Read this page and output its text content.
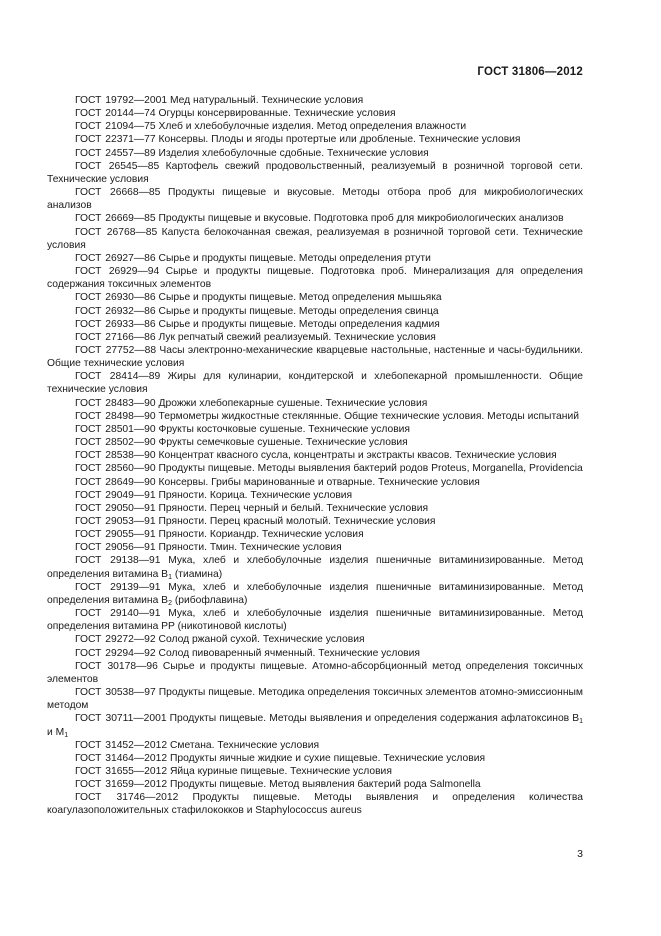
ГОСТ 31806—2012

ГОСТ 19792—2001 Мед натуральный. Технические условия

ГОСТ 20144—74 Огурцы консервированные. Технические условия

ГОСТ 21094—75 Хлеб и хлебобулочные изделия. Метод определения влажности

ГОСТ 22371—77 Консервы. Плоды и ягоды протертые или дробленые. Технические условия

ГОСТ 24557—89 Изделия хлебобулочные сдобные. Технические условия

ГОСТ 26545—85 Картофель свежий продовольственный, реализуемый в розничной торговой сети. Технические условия

ГОСТ 26668—85 Продукты пищевые и вкусовые. Методы отбора проб для микробиологических анализов

ГОСТ 26669—85 Продукты пищевые и вкусовые. Подготовка проб для микробиологических анализов

ГОСТ 26768—85 Капуста белокочанная свежая, реализуемая в розничной торговой сети. Технические условия

ГОСТ 26927—86 Сырье и продукты пищевые. Методы определения ртути

ГОСТ 26929—94 Сырье и продукты пищевые. Подготовка проб. Минерализация для определения содержания токсичных элементов

ГОСТ 26930—86 Сырье и продукты пищевые. Метод определения мышьяка

ГОСТ 26932—86 Сырье и продукты пищевые. Методы определения свинца

ГОСТ 26933—86 Сырье и продукты пищевые. Методы определения кадмия

ГОСТ 27166—86 Лук репчатый свежий реализуемый. Технические условия

ГОСТ 27752—88 Часы электронно-механические кварцевые настольные, настенные и часы-будильники. Общие технические условия

ГОСТ 28414—89 Жиры для кулинарии, кондитерской и хлебопекарной промышленности. Общие технические условия

ГОСТ 28483—90 Дрожжи хлебопекарные сушеные. Технические условия

ГОСТ 28498—90 Термометры жидкостные стеклянные. Общие технические условия. Методы испытаний

ГОСТ 28501—90 Фрукты косточковые сушеные. Технические условия

ГОСТ 28502—90 Фрукты семечковые сушеные. Технические условия

ГОСТ 28538—90 Концентрат квасного сусла, концентраты и экстракты квасов. Технические условия

ГОСТ 28560—90 Продукты пищевые. Методы выявления бактерий родов Proteus, Morganella, Providencia

ГОСТ 28649—90 Консервы. Грибы маринованные и отварные. Технические условия

ГОСТ 29049—91 Пряности. Корица. Технические условия

ГОСТ 29050—91 Пряности. Перец черный и белый. Технические условия

ГОСТ 29053—91 Пряности. Перец красный молотый. Технические условия

ГОСТ 29055—91 Пряности. Кориандр. Технические условия

ГОСТ 29056—91 Пряности. Тмин. Технические условия

ГОСТ 29138—91 Мука, хлеб и хлебобулочные изделия пшеничные витаминизированные. Метод определения витамина $B_1$ (тиамина)

ГОСТ 29139—91 Мука, хлеб и хлебобулочные изделия пшеничные витаминизированные. Метод определения витамина $B_2$ (рибофлавина)

ГОСТ 29140—91 Мука, хлеб и хлебобулочные изделия пшеничные витаминизированные. Метод определения витамина PP (никотиновой кислоты)

ГОСТ 29272—92 Солод ржаной сухой. Технические условия

ГОСТ 29294—92 Солод пивоваренный ячменный. Технические условия

ГОСТ 30178—96 Сырье и продукты пищевые. Атомно-абсорбционный метод определения токсичных элементов

ГОСТ 30538—97 Продукты пищевые. Методика определения токсичных элементов атомно-эмиссионным методом

ГОСТ 30711—2001 Продукты пищевые. Методы выявления и определения содержания афлатоксинов $B_1$ и $M_1$

ГОСТ 31452—2012 Сметана. Технические условия

ГОСТ 31464—2012 Продукты яичные жидкие и сухие пищевые. Технические условия

ГОСТ 31655—2012 Яйца куриные пищевые. Технические условия

ГОСТ 31659—2012 Продукты пищевые. Метод выявления бактерий рода Salmonella

ГОСТ 31746—2012 Продукты пищевые. Методы выявления и определения количества коагулазоположительных стафилококков и Staphylococcus aureus

3
